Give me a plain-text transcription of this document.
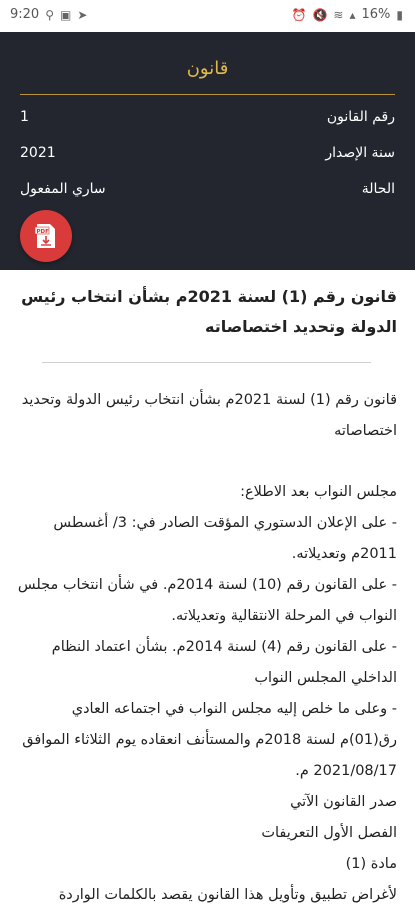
9:20 ⚲ ▣ ➤	⏰ 🔇 ≋ ▴ 16% ▮
قانون
رقم القانون
1
سنة الإصدار
2021
الحالة
ساري المفعول
PDF
قانون رقم (1) لسنة 2021م بشأن انتخاب رئيس الدولة وتحديد اختصاصاته

قانون رقم (1) لسنة 2021م بشأن انتخاب رئيس الدولة وتحديد اختصاصاته

مجلس النواب بعد الاطلاع:

- على الإعلان الدستوري المؤقت الصادر في: 3/ أغسطس 2011م وتعديلاته.

- على القانون رقم (10) لسنة 2014م. في شأن انتخاب مجلس النواب في المرحلة الانتقالية وتعديلاته.

- على القانون رقم (4) لسنة 2014م. بشأن اعتماد النظام الداخلي المجلس النواب

- وعلى ما خلص إليه مجلس النواب في اجتماعه العادي رق(01)م لسنة 2018م والمستأنف انعقاده يوم الثلاثاء الموافق 2021/08/17 م.

صدر القانون الآتي

الفصل الأول التعريفات

مادة (1)

لأغراض تطبيق وتأويل هذا القانون يقصد بالكلمات الواردة
